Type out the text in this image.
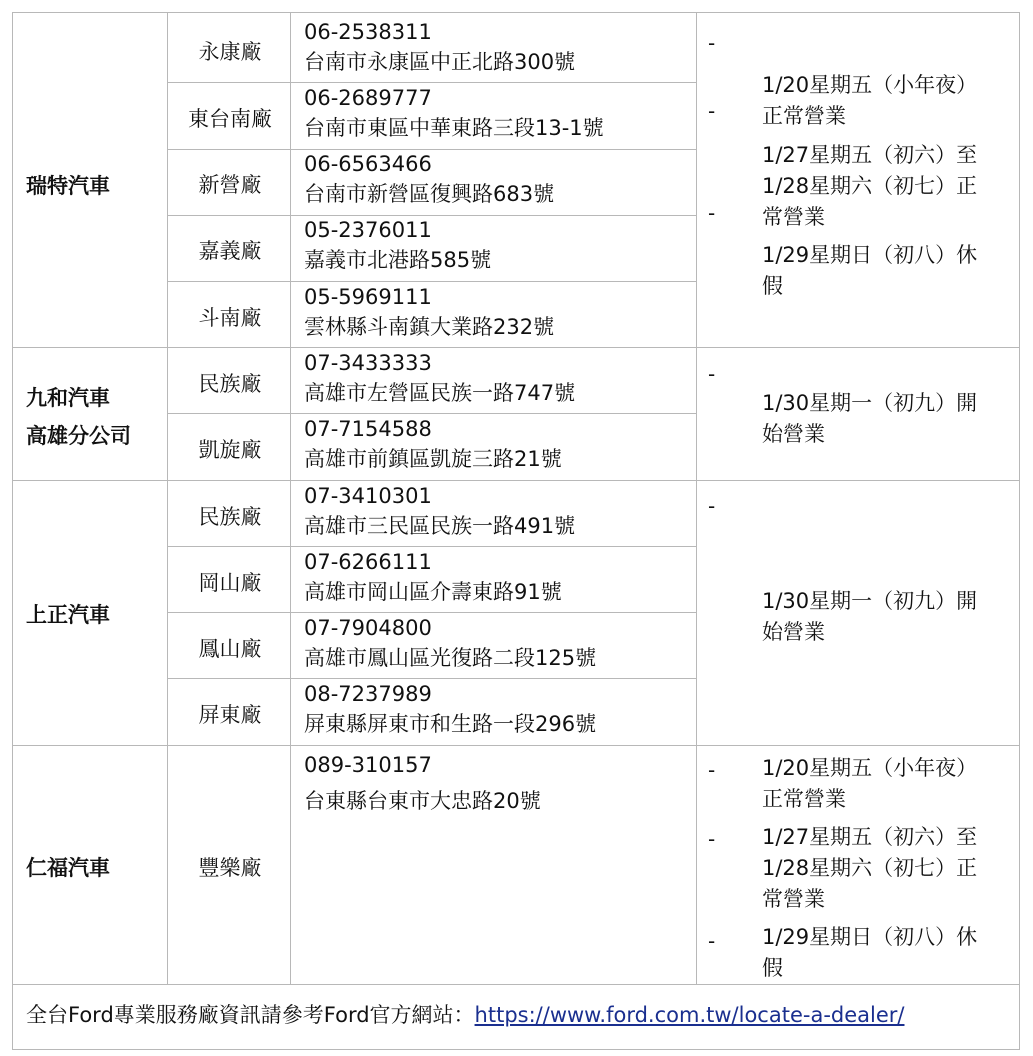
瑞特汽車
永康廠
06-2538311
台南市永康區中正北路300號
東台南廠
06-2689777
台南市東區中華東路三段13-1號
新營廠
06-6563466
台南市新營區復興路683號
嘉義廠
05-2376011
嘉義市北港路585號
斗南廠
05-5969111
雲林縣斗南鎮大業路232號
-
-
-
1/20星期五（小年夜）
正常營業
1/27星期五（初六）至
1/28星期六（初七）正
常營業
1/29星期日（初八）休
假
九和汽車
高雄分公司
民族廠
07-3433333
高雄市左營區民族一路747號
凱旋廠
07-7154588
高雄市前鎮區凱旋三路21號
-
1/30星期一（初九）開
始營業
上正汽車
民族廠
07-3410301
高雄市三民區民族一路491號
岡山廠
07-6266111
高雄市岡山區介壽東路91號
鳳山廠
07-7904800
高雄市鳳山區光復路二段125號
屏東廠
08-7237989
屏東縣屏東市和生路一段296號
-
1/30星期一（初九）開
始營業
仁福汽車	豐樂廠
089-310157
台東縣台東市大忠路20號
-
-
-
1/20星期五（小年夜）
正常營業
1/27星期五（初六）至
1/28星期六（初七）正
常營業
1/29星期日（初八）休
假
全台Ford專業服務廠資訊請參考Ford官方網站：https://www.ford.com.tw/locate-a-dealer/
